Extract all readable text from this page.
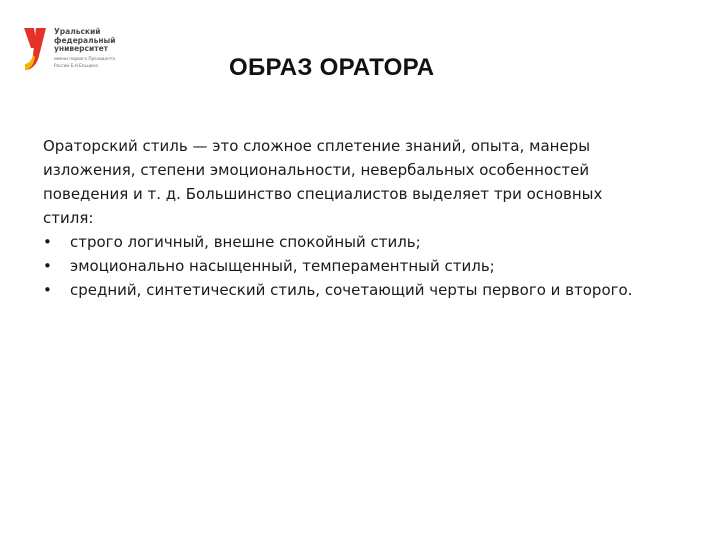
Уральский
федеральный
университет
имени первого Президента
России Б.Н.Ельцина	ОБРАЗ ОРАТОРА

Ораторский стиль — это сложное сплетение знаний, опыта, манеры
изложения, степени эмоциональности, невербальных особенностей
поведения и т. д. Большинство специалистов выделяет три основных
стиля:

• строго логичный, внешне спокойный стиль;
• эмоционально насыщенный, темпераментный стиль;
• средний, синтетический стиль, сочетающий черты первого и второго.
